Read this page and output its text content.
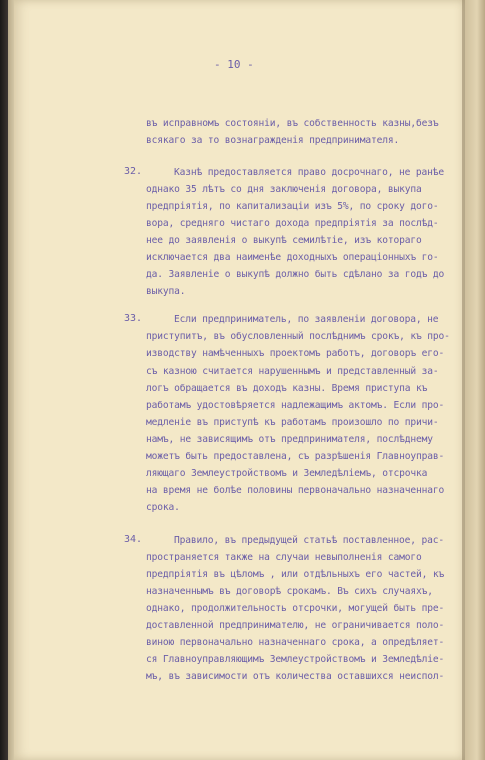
- 10 -
въ исправномъ состоянiи, въ собственность казны,безъ
всякаго за то вознагражденiя предпринимателя.
32.	Казнѣ предоставляется право досрочнаго, не ранѣе
однако 35 лѣтъ со дня заключенiя договора, выкупа
предпрiятiя, по капитализацiи изъ 5%, по сроку дого-
вора, средняго чистаго дохода предпрiятiя за послѣд-
нее до заявленiя о выкупѣ семилѣтiе, изъ котораго
исключается два наименѣе доходныхъ операцiонныхъ го-
да. Заявленiе о выкупѣ должно быть сдѣлано за годъ до
выкупа.
33.	Если предприниматель, по заявленiи договора, не
приступитъ, въ обусловленный послѣднимъ срокъ, къ про-
изводству намѣченныхъ проектомъ работъ, договоръ его-
съ казною считается нарушеннымъ и представленный за-
логъ обращается въ доходъ казны. Время приступа къ
работамъ удостовѣряется надлежащимъ актомъ. Если про-
медленiе въ приступѣ къ работамъ произошло по причи-
намъ, не зависящимъ отъ предпринимателя, послѣднему
можетъ быть предоставлена, съ разрѣшенiя Главноуправ-
ляющаго Землеустройствомъ и Земледѣлiемъ, отсрочка
на время не болѣе половины первоначально назначеннаго
срока.
34.	Правило, въ предыдущей статьѣ поставленное, рас-
пространяется также на случаи невыполненiя самого
предпрiятiя въ цѣломъ , или отдѣльныхъ его частей, къ
назначеннымъ въ договорѣ срокамъ. Въ сихъ случаяхъ,
однако, продолжительность отсрочки, могущей быть пре-
доставленной предпринимателю, не ограничивается поло-
виною первоначально назначеннаго срока, а опредѣляет-
ся Главноуправляющимъ Землеустройствомъ и Земледѣлiе-
мъ, въ зависимости отъ количества оставшихся неиспол-
